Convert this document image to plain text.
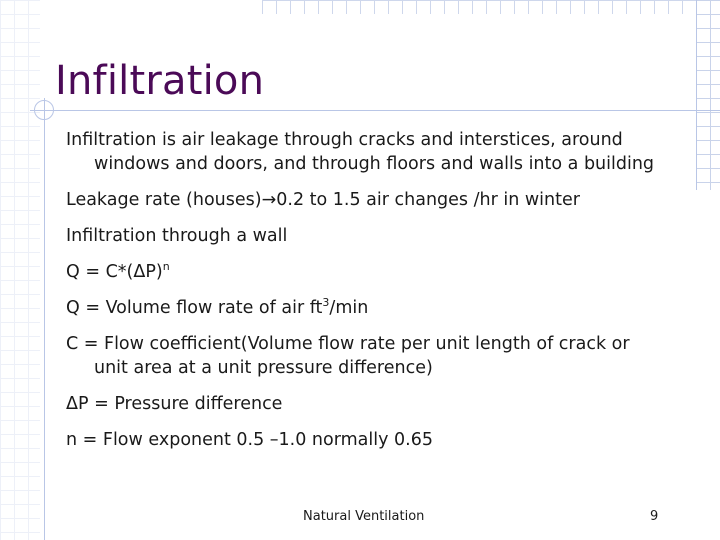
Infiltration
Infiltration is air leakage through cracks and interstices, around
windows and doors, and through floors and walls into a building
Leakage rate (houses)→0.2 to 1.5 air changes /hr in winter
Infiltration through a wall
$Q = C*(\Delta P)^n$
Q = Volume flow rate of air $ft^3/\min$
C = Flow coefficient(Volume flow rate per unit length of crack or
unit area at a unit pressure difference)
ΔP = Pressure difference
n = Flow exponent 0.5 –1.0 normally 0.65
Natural Ventilation	9
